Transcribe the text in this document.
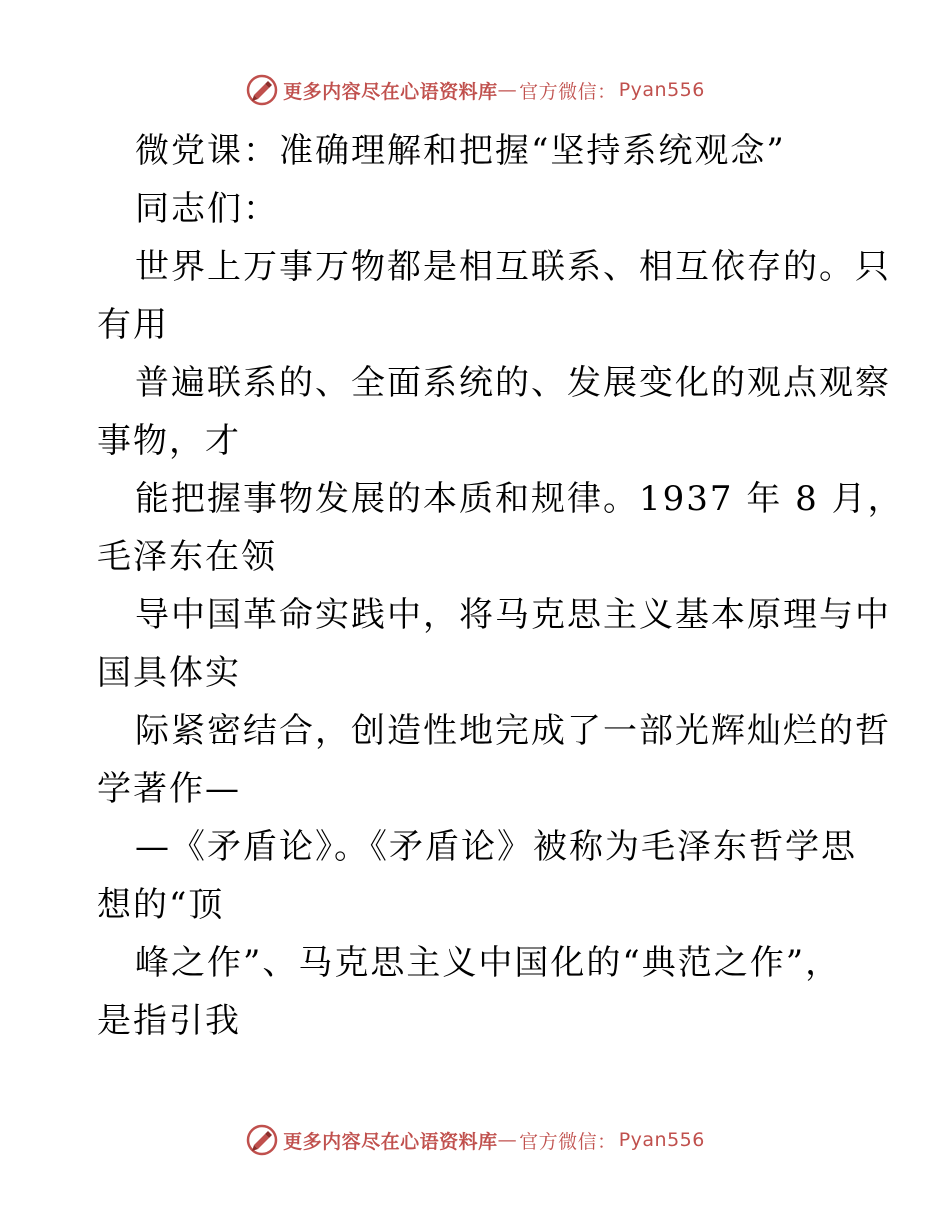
更多内容尽在心语资料库 — 官方微信： Pyan556
微党课：准确理解和把握“坚持系统观念”
同志们：
世界上万事万物都是相互联系、相互依存的。只
有用
普遍联系的、全面系统的、发展变化的观点观察
事物，才
能把握事物发展的本质和规律。1937 年 8 月，
毛泽东在领
导中国革命实践中，将马克思主义基本原理与中
国具体实
际紧密结合，创造性地完成了一部光辉灿烂的哲
学著作—
—《矛盾论》。《矛盾论》被称为毛泽东哲学思
想的“顶
峰之作”、马克思主义中国化的“典范之作”，
是指引我
更多内容尽在心语资料库 — 官方微信： Pyan556
